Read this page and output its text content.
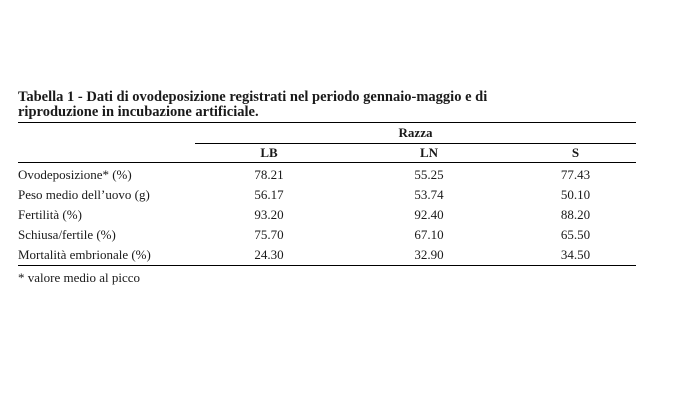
Tabella 1 - Dati di ovodeposizione registrati nel periodo gennaio-maggio e di
riproduzione in incubazione artificiale.
	Razza		
	LB	LN	S
Ovodeposizione* (%)	78.21	55.25	77.43
Peso medio dell’uovo (g)	56.17	53.74	50.10
Fertilità (%)	93.20	92.40	88.20
Schiusa/fertile (%)	75.70	67.10	65.50
Mortalità embrionale (%)	24.30	32.90	34.50
* valore medio al picco
